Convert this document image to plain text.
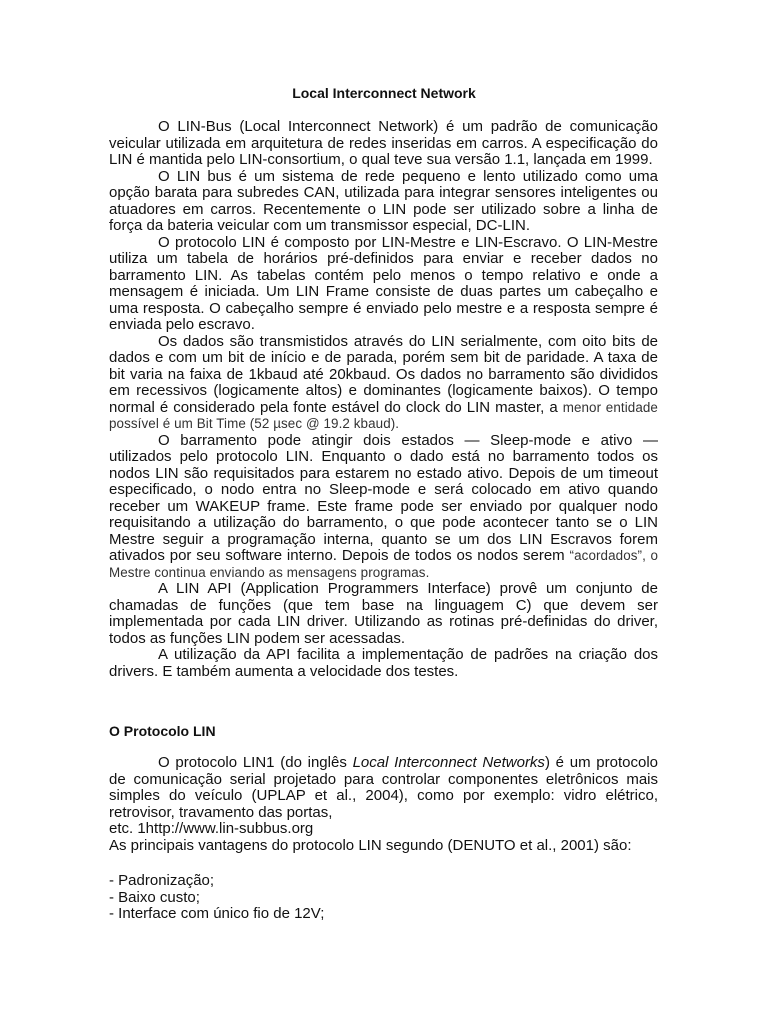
Local Interconnect Network

O LIN-Bus (Local Interconnect Network) é um padrão de comunicação veicular utilizada em arquitetura de redes inseridas em carros. A especificação do LIN é mantida pelo LIN-consortium, o qual teve sua versão 1.1, lançada em 1999.

O LIN bus é um sistema de rede pequeno e lento utilizado como uma opção barata para subredes CAN, utilizada para integrar sensores inteligentes ou atuadores em carros. Recentemente o LIN pode ser utilizado sobre a linha de força da bateria veicular com um transmissor especial, DC-LIN.

O protocolo LIN é composto por LIN-Mestre e LIN-Escravo. O LIN-Mestre utiliza um tabela de horários pré-definidos para enviar e receber dados no barramento LIN. As tabelas contém pelo menos o tempo relativo e onde a mensagem é iniciada. Um LIN Frame consiste de duas partes um cabeçalho e uma resposta. O cabeçalho sempre é enviado pelo mestre e a resposta sempre é enviada pelo escravo.

Os dados são transmistidos através do LIN serialmente, com oito bits de dados e com um bit de início e de parada, porém sem bit de paridade. A taxa de bit varia na faixa de 1kbaud até 20kbaud. Os dados no barramento são divididos em recessivos (logicamente altos) e dominantes (logicamente baixos). O tempo normal é considerado pela fonte estável do clock do LIN master, a menor entidade possível é um Bit Time (52 µsec @ 19.2 kbaud).

O barramento pode atingir dois estados — Sleep-mode e ativo — utilizados pelo protocolo LIN. Enquanto o dado está no barramento todos os nodos LIN são requisitados para estarem no estado ativo. Depois de um timeout especificado, o nodo entra no Sleep-mode e será colocado em ativo quando receber um WAKEUP frame. Este frame pode ser enviado por qualquer nodo requisitando a utilização do barramento, o que pode acontecer tanto se o LIN Mestre seguir a programação interna, quanto se um dos LIN Escravos forem ativados por seu software interno. Depois de todos os nodos serem “acordados”, o Mestre continua enviando as mensagens programas.

A LIN API (Application Programmers Interface) provê um conjunto de chamadas de funções (que tem base na linguagem C) que devem ser implementada por cada LIN driver. Utilizando as rotinas pré-definidas do driver, todos as funções LIN podem ser acessadas.

A utilização da API facilita a implementação de padrões na criação dos drivers. E também aumenta a velocidade dos testes.

O Protocolo LIN

O protocolo LIN1 (do inglês Local Interconnect Networks) é um protocolo de comunicação serial projetado para controlar componentes eletrônicos mais simples do veículo (UPLAP et al., 2004), como por exemplo: vidro elétrico, retrovisor, travamento das portas,

etc. 1http://www.lin-subbus.org
As principais vantagens do protocolo LIN segundo (DENUTO et al., 2001) são:
- Padronização;
- Baixo custo;
- Interface com único fio de 12V;
